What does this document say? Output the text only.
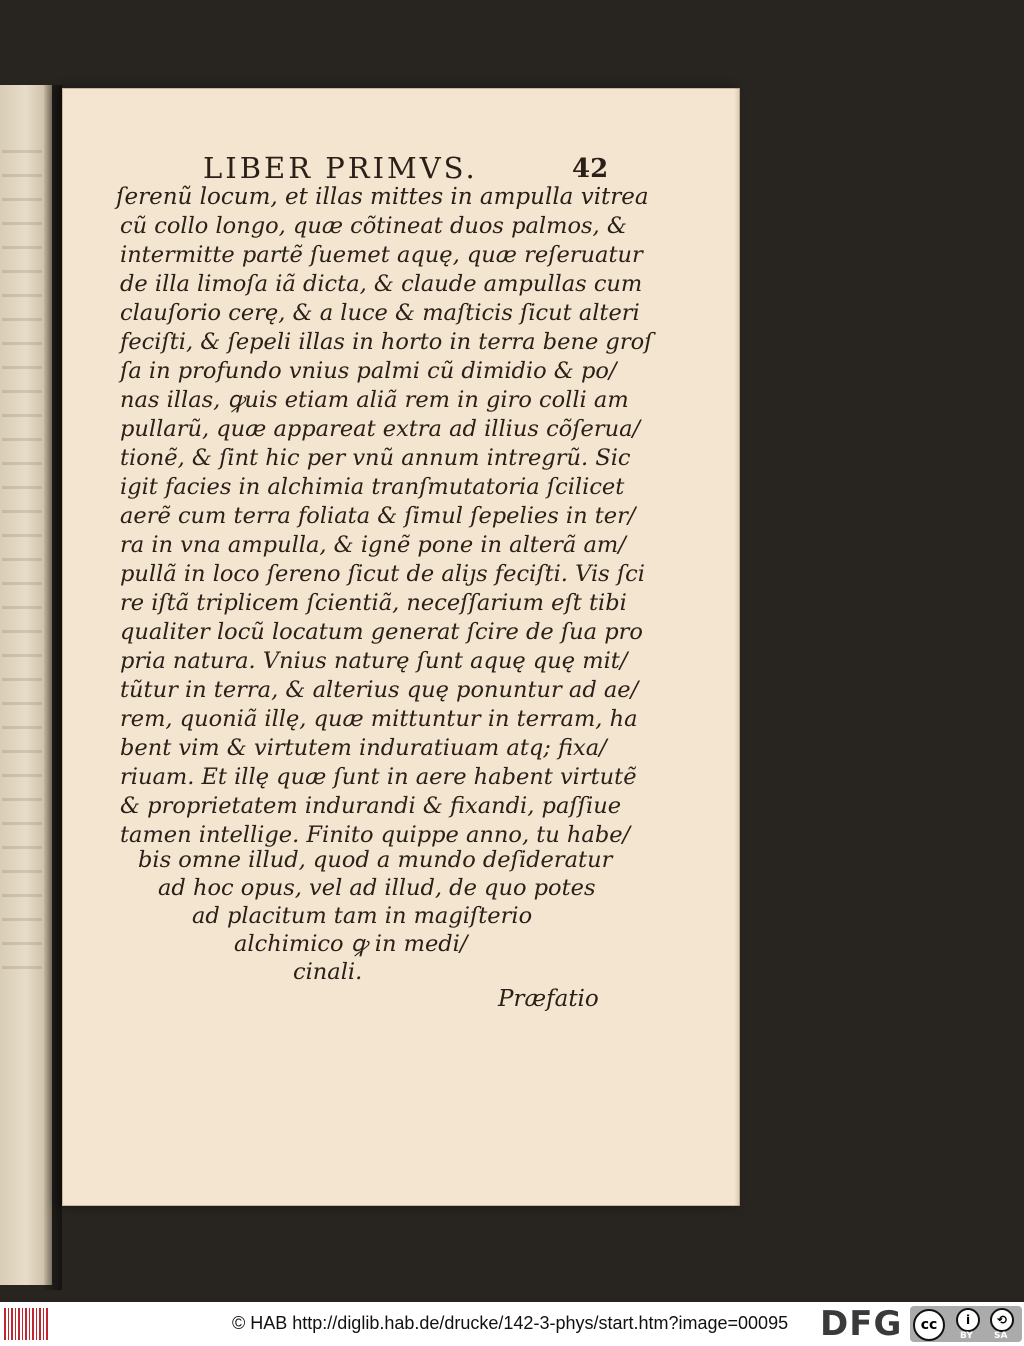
LIBER PRIMVS.	42
ſerenũ locum, et illas mittes in ampulla vitrea
cũ collo longo, quæ cõtineat duos palmos, &
intermitte partẽ ſuemet aquę, quæ reſeruatur
de illa limoſa iã dicta, & claude ampullas cum
clauſorio cerę, & a luce & maſticis ſicut alteri
feciſti, & ſepeli illas in horto in terra bene groſ
ſa in profundo vnius palmi cũ dimidio & po/
nas illas, ꝙuis etiam aliã rem in giro colli am
pullarũ, quæ appareat extra ad illius cõſerua/
tionẽ, & ſint hic per vnũ annum intregrũ. Sic
igit facies in alchimia tranſmutatoria ſcilicet
aerẽ cum terra foliata & ſimul ſepelies in ter/
ra in vna ampulla, & ignẽ pone in alterã am/
pullã in loco ſereno ſicut de aliȷs feciſti. Vis ſci
re iſtã triplicem ſcientiã, neceſſarium eſt tibi
qualiter locũ locatum generat ſcire de ſua pro
pria natura. Vnius naturę ſunt aquę quę mit/
tũtur in terra, & alterius quę ponuntur ad ae/
rem, quoniã illę, quæ mittuntur in terram, ha
bent vim & virtutem induratiuam atq; fixa/
riuam. Et illę quæ ſunt in aere habent virtutẽ
& proprietatem indurandi & fixandi, paſſiue
tamen intellige. Finito quippe anno, tu habe/
bis omne illud, quod a mundo deſideratur
ad hoc opus, vel ad illud, de quo potes
ad placitum tam in magiſterio
alchimico ꝙ in medi/
cinali.
Præfatio
© HAB http://diglib.hab.de/drucke/142-3-phys/start.htm?image=00095 DFG	cc	i
BY
⟲
SA
